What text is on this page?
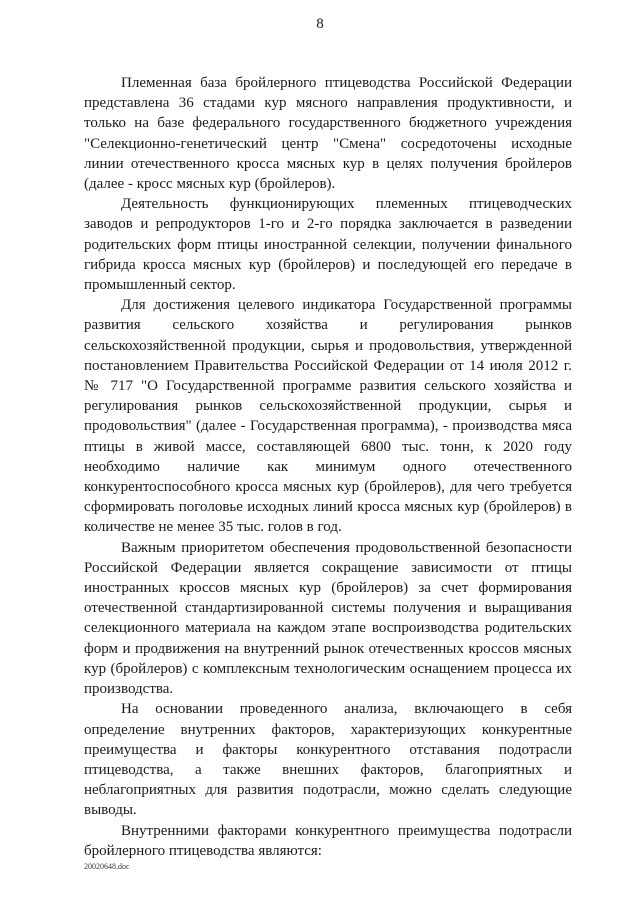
8

Племенная база бройлерного птицеводства Российской Федерации представлена 36 стадами кур мясного направления продуктивности, и только на базе федерального государственного бюджетного учреждения "Селекционно-генетический центр "Смена" сосредоточены исходные линии отечественного кросса мясных кур в целях получения бройлеров (далее - кросс мясных кур (бройлеров).

Деятельность функционирующих племенных птицеводческих заводов и репродукторов 1-го и 2-го порядка заключается в разведении родительских форм птицы иностранной селекции, получении финального гибрида кросса мясных кур (бройлеров) и последующей его передаче в промышленный сектор.

Для достижения целевого индикатора Государственной программы развития сельского хозяйства и регулирования рынков сельскохозяйственной продукции, сырья и продовольствия, утвержденной постановлением Правительства Российской Федерации от 14 июля 2012 г. № 717 "О Государственной программе развития сельского хозяйства и регулирования рынков сельскохозяйственной продукции, сырья и продовольствия" (далее - Государственная программа), - производства мяса птицы в живой массе, составляющей 6800 тыс. тонн, к 2020 году необходимо наличие как минимум одного отечественного конкурентоспособного кросса мясных кур (бройлеров), для чего требуется сформировать поголовье исходных линий кросса мясных кур (бройлеров) в количестве не менее 35 тыс. голов в год.

Важным приоритетом обеспечения продовольственной безопасности Российской Федерации является сокращение зависимости от птицы иностранных кроссов мясных кур (бройлеров) за счет формирования отечественной стандартизированной системы получения и выращивания селекционного материала на каждом этапе воспроизводства родительских форм и продвижения на внутренний рынок отечественных кроссов мясных кур (бройлеров) с комплексным технологическим оснащением процесса их производства.

На основании проведенного анализа, включающего в себя определение внутренних факторов, характеризующих конкурентные преимущества и факторы конкурентного отставания подотрасли птицеводства, а также внешних факторов, благоприятных и неблагоприятных для развития подотрасли, можно сделать следующие выводы.

Внутренними факторами конкурентного преимущества подотрасли бройлерного птицеводства являются:

20020648.doc
